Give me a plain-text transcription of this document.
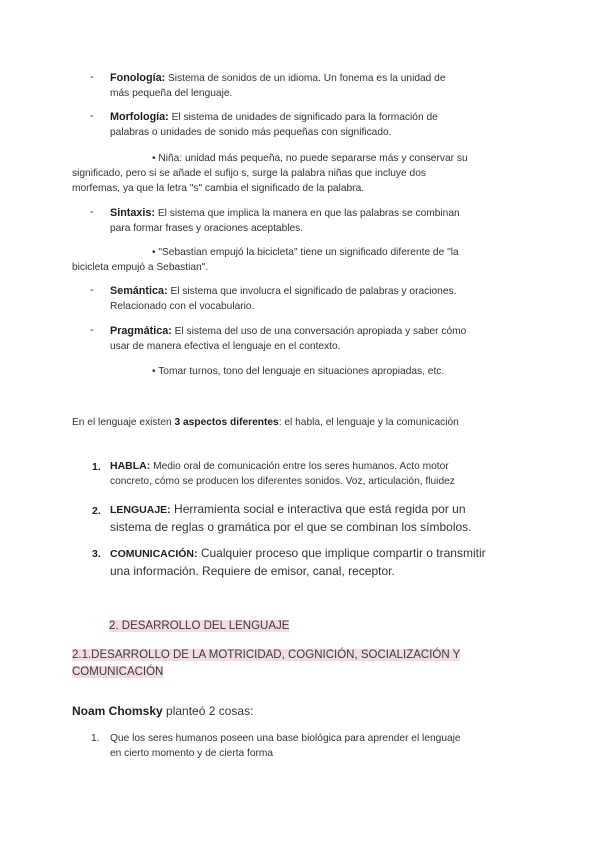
- Fonología: Sistema de sonidos de un idioma. Un fonema es la unidad de
más pequeña del lenguaje.
- Morfología: El sistema de unidades de significado para la formación de
palabras o unidades de sonido más pequeñas con significado.
• Niña: unidad más pequeña, no puede separarse más y conservar su
significado, pero si se añade el sufijo s, surge la palabra niñas que incluye dos
morfemas, ya que la letra "s" cambia el significado de la palabra.
- Sintaxis: El sistema que implica la manera en que las palabras se combinan
para formar frases y oraciones aceptables.
• "Sebastian empujó la bicicleta" tiene un significado diferente de "la
bicicleta empujó a Sebastian".
- Semántica: El sistema que involucra el significado de palabras y oraciones.
Relacionado con el vocabulario.
- Pragmática: El sistema del uso de una conversación apropiada y saber cómo
usar de manera efectiva el lenguaje en el contexto.
• Tomar turnos, tono del lenguaje en situaciones apropiadas, etc.
En el lenguaje existen 3 aspectos diferentes: el habla, el lenguaje y la comunicación
1. HABLA: Medio oral de comunicación entre los seres humanos. Acto motor
concreto, cómo se producen los diferentes sonidos. Voz, articulación, fluidez
2. LENGUAJE: Herramienta social e interactiva que está regida por un
sistema de reglas o gramática por el que se combinan los símbolos.
3. COMUNICACIÓN: Cualquier proceso que implique compartir o transmitir
una información. Requiere de emisor, canal, receptor.
2. DESARROLLO DEL LENGUAJE
2.1.DESARROLLO DE LA MOTRICIDAD, COGNICIÓN, SOCIALIZACIÓN Y
COMUNICACIÓN
Noam Chomsky planteó 2 cosas:
1. Que los seres humanos poseen una base biológica para aprender el lenguaje
en cierto momento y de cierta forma
